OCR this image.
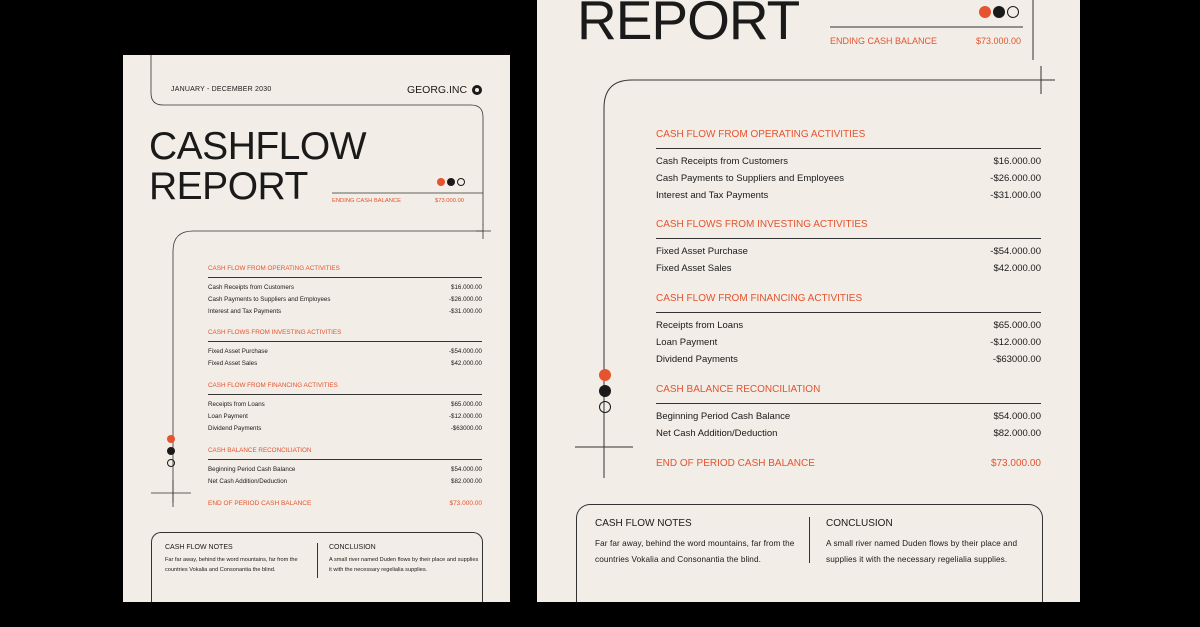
JANUARY - DECEMBER 2030	GEORG.INC
CASHFLOW
REPORT	ENDING CASH BALANCE	$73.000.00
CASH FLOW FROM OPERATING ACTIVITIES
Cash Receipts from Customers	$16.000.00
Cash Payments to Suppliers and Employees	-$26.000.00
Interest and Tax Payments	-$31.000.00
CASH FLOWS FROM INVESTING ACTIVITIES
Fixed Asset Purchase	-$54.000.00
Fixed Asset Sales	$42.000.00
CASH FLOW FROM FINANCING ACTIVITIES
Receipts from Loans	$65.000.00
Loan Payment	-$12.000.00
Dividend Payments	-$63000.00
CASH BALANCE RECONCILIATION
Beginning Period Cash Balance	$54.000.00
Net Cash Addition/Deduction	$82.000.00
END OF PERIOD CASH BALANCE	$73.000.00
CASH FLOW NOTES

Far far away, behind the word mountains, far from the countries Vokalia and Consonantia the blind.

CONCLUSION

A small river named Duden flows by their place and supplies it with the necessary regelialia supplies.

REPORT	ENDING CASH BALANCE	$73.000.00
CASH FLOW FROM OPERATING ACTIVITIES
Cash Receipts from Customers	$16.000.00
Cash Payments to Suppliers and Employees	-$26.000.00
Interest and Tax Payments	-$31.000.00
CASH FLOWS FROM INVESTING ACTIVITIES
Fixed Asset Purchase	-$54.000.00
Fixed Asset Sales	$42.000.00
CASH FLOW FROM FINANCING ACTIVITIES
Receipts from Loans	$65.000.00
Loan Payment	-$12.000.00
Dividend Payments	-$63000.00
CASH BALANCE RECONCILIATION
Beginning Period Cash Balance	$54.000.00
Net Cash Addition/Deduction	$82.000.00
END OF PERIOD CASH BALANCE	$73.000.00
CASH FLOW NOTES

Far far away, behind the word mountains, far from the countries Vokalia and Consonantia the blind.

CONCLUSION

A small river named Duden flows by their place and supplies it with the necessary regelialia supplies.
